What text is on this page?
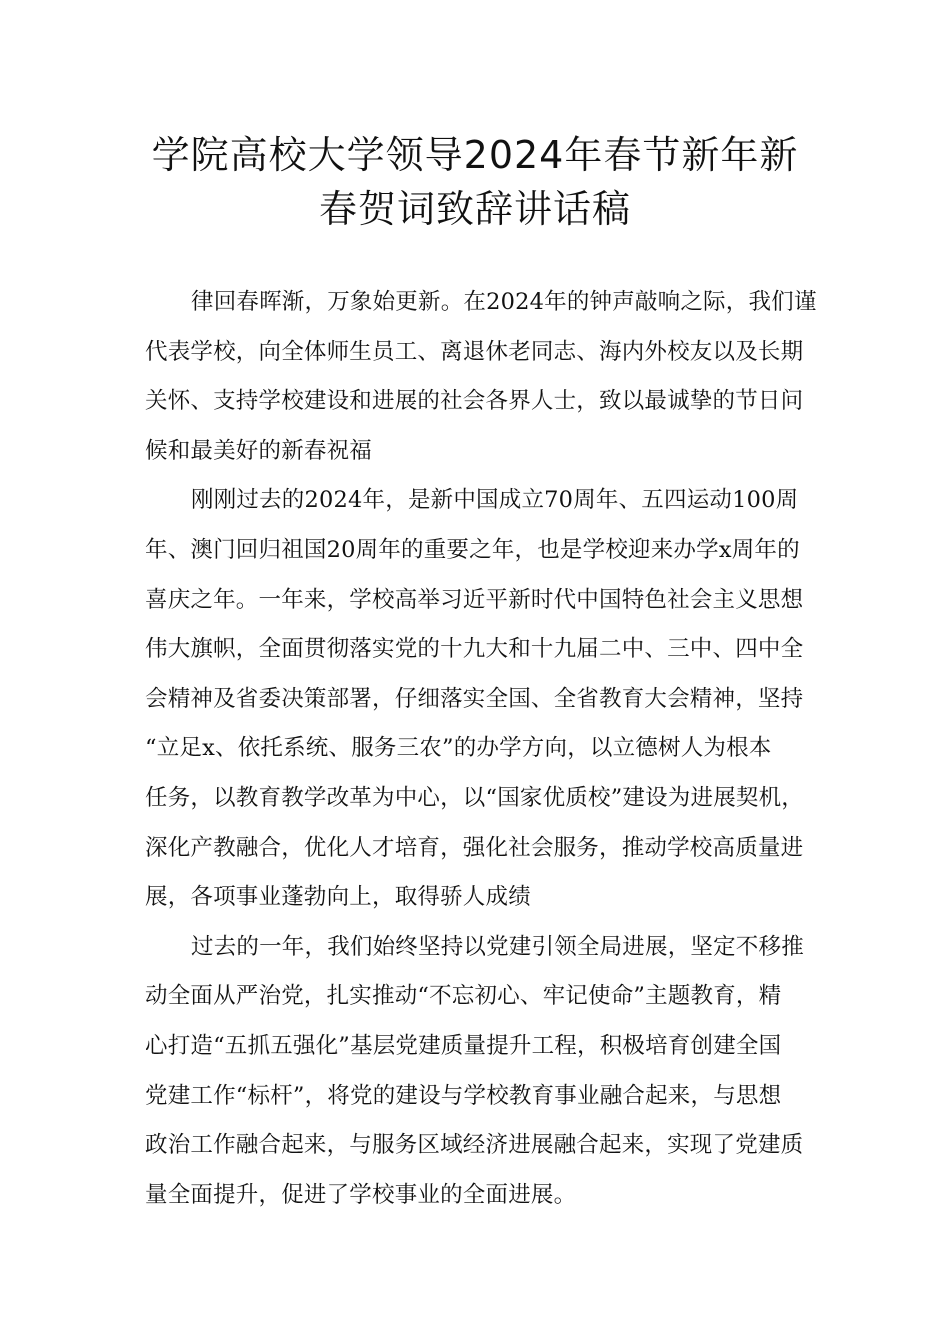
学院高校大学领导2024年春节新年新
春贺词致辞讲话稿
律回春晖渐，万象始更新。在2024年的钟声敲响之际，我们谨
代表学校，向全体师生员工、离退休老同志、海内外校友以及长期
关怀、支持学校建设和进展的社会各界人士，致以最诚挚的节日问
候和最美好的新春祝福
刚刚过去的2024年，是新中国成立70周年、五四运动100周
年、澳门回归祖国20周年的重要之年，也是学校迎来办学x周年的
喜庆之年。一年来，学校高举习近平新时代中国特色社会主义思想
伟大旗帜，全面贯彻落实党的十九大和十九届二中、三中、四中全
会精神及省委决策部署，仔细落实全国、全省教育大会精神，坚持
“立足x、依托系统、服务三农”的办学方向，以立德树人为根本
任务，以教育教学改革为中心，以“国家优质校”建设为进展契机，
深化产教融合，优化人才培育，强化社会服务，推动学校高质量进
展，各项事业蓬勃向上，取得骄人成绩
过去的一年，我们始终坚持以党建引领全局进展，坚定不移推
动全面从严治党，扎实推动“不忘初心、牢记使命”主题教育，精
心打造“五抓五强化”基层党建质量提升工程，积极培育创建全国
党建工作“标杆”，将党的建设与学校教育事业融合起来，与思想
政治工作融合起来，与服务区域经济进展融合起来，实现了党建质
量全面提升，促进了学校事业的全面进展。
